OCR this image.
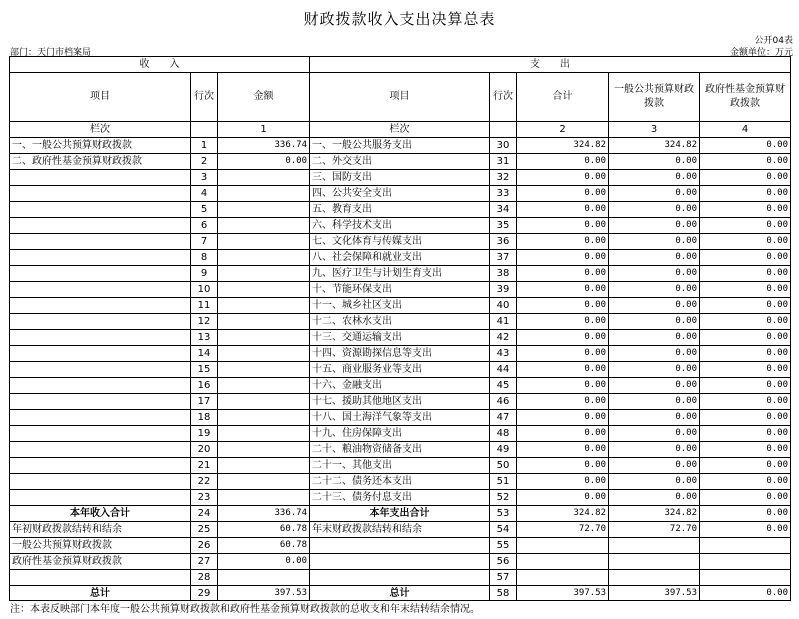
财政拨款收入支出决算总表
公开04表
部门：天门市档案局	金额单位：万元
收　　入			支　　出				
项目	行次	金额	项目	行次	合计	一般公共预算财政拨款	政府性基金预算财政拨款
栏次		1	栏次		2	3	4
一、一般公共预算财政拨款	1	336.74	一、一般公共服务支出	30	324.82	324.82	0.00
二、政府性基金预算财政拨款	2	0.00	二、外交支出	31	0.00	0.00	0.00
	3		三、国防支出	32	0.00	0.00	0.00
	4		四、公共安全支出	33	0.00	0.00	0.00
	5		五、教育支出	34	0.00	0.00	0.00
	6		六、科学技术支出	35	0.00	0.00	0.00
	7		七、文化体育与传媒支出	36	0.00	0.00	0.00
	8		八、社会保障和就业支出	37	0.00	0.00	0.00
	9		九、医疗卫生与计划生育支出	38	0.00	0.00	0.00
	10		十、节能环保支出	39	0.00	0.00	0.00
	11		十一、城乡社区支出	40	0.00	0.00	0.00
	12		十二、农林水支出	41	0.00	0.00	0.00
	13		十三、交通运输支出	42	0.00	0.00	0.00
	14		十四、资源勘探信息等支出	43	0.00	0.00	0.00
	15		十五、商业服务业等支出	44	0.00	0.00	0.00
	16		十六、金融支出	45	0.00	0.00	0.00
	17		十七、援助其他地区支出	46	0.00	0.00	0.00
	18		十八、国土海洋气象等支出	47	0.00	0.00	0.00
	19		十九、住房保障支出	48	0.00	0.00	0.00
	20		二十、粮油物资储备支出	49	0.00	0.00	0.00
	21		二十一、其他支出	50	0.00	0.00	0.00
	22		二十二、债务还本支出	51	0.00	0.00	0.00
	23		二十三、债务付息支出	52	0.00	0.00	0.00
本年收入合计	24	336.74	本年支出合计	53	324.82	324.82	0.00
年初财政拨款结转和结余	25	60.78	年末财政拨款结转和结余	54	72.70	72.70	0.00
一般公共预算财政拨款	26	60.78		55			
政府性基金预算财政拨款	27	0.00		56			
	28			57			
总计	29	397.53	总计	58	397.53	397.53	0.00
注：本表反映部门本年度一般公共预算财政拨款和政府性基金预算财政拨款的总收支和年末结转结余情况。
